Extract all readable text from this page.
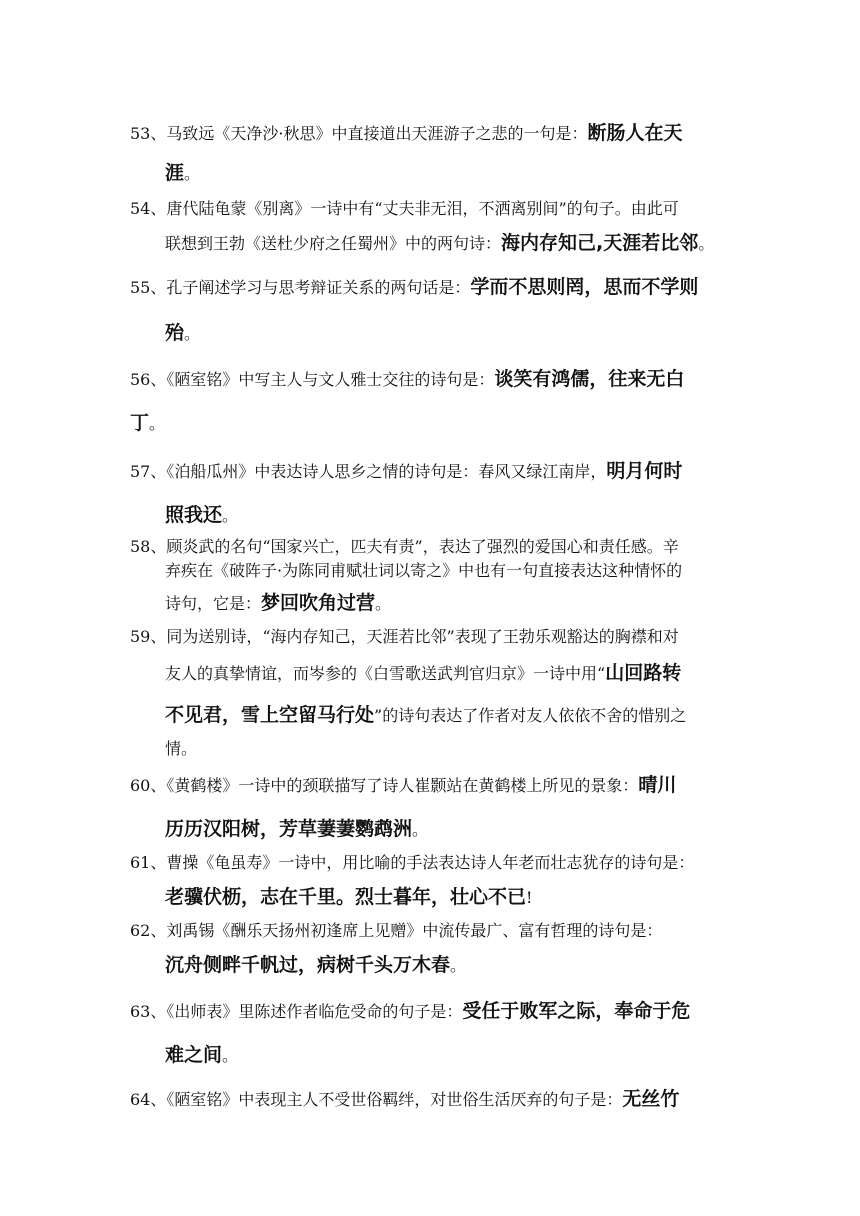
53、马致远《天净沙·秋思》中直接道出天涯游子之悲的一句是：断肠人在天
涯。
54、唐代陆龟蒙《别离》一诗中有“丈夫非无泪，不洒离别间”的句子。由此可
联想到王勃《送杜少府之任蜀州》中的两句诗：海内存知己,天涯若比邻。
55、孔子阐述学习与思考辩证关系的两句话是：学而不思则罔，思而不学则
殆。
56、《陋室铭》中写主人与文人雅士交往的诗句是：谈笑有鸿儒，往来无白
丁。
57、《泊船瓜州》中表达诗人思乡之情的诗句是：春风又绿江南岸，明月何时
照我还。
58、顾炎武的名句“国家兴亡，匹夫有责”，表达了强烈的爱国心和责任感。辛
弃疾在《破阵子·为陈同甫赋壮词以寄之》中也有一句直接表达这种情怀的
诗句，它是：梦回吹角过营。
59、同为送别诗，“海内存知己，天涯若比邻”表现了王勃乐观豁达的胸襟和对
友人的真挚情谊，而岑参的《白雪歌送武判官归京》一诗中用“山回路转
不见君，雪上空留马行处”的诗句表达了作者对友人依依不舍的惜别之
情。
60、《黄鹤楼》一诗中的颈联描写了诗人崔颢站在黄鹤楼上所见的景象：晴川
历历汉阳树，芳草萋萋鹦鹉洲。
61、曹操《龟虽寿》一诗中，用比喻的手法表达诗人年老而壮志犹存的诗句是：
老骥伏枥，志在千里。烈士暮年，壮心不已!
62、刘禹锡《酬乐天扬州初逢席上见赠》中流传最广、富有哲理的诗句是：
沉舟侧畔千帆过，病树千头万木春。
63、《出师表》里陈述作者临危受命的句子是：受任于败军之际，奉命于危
难之间。
64、《陋室铭》中表现主人不受世俗羁绊，对世俗生活厌弃的句子是：无丝竹
